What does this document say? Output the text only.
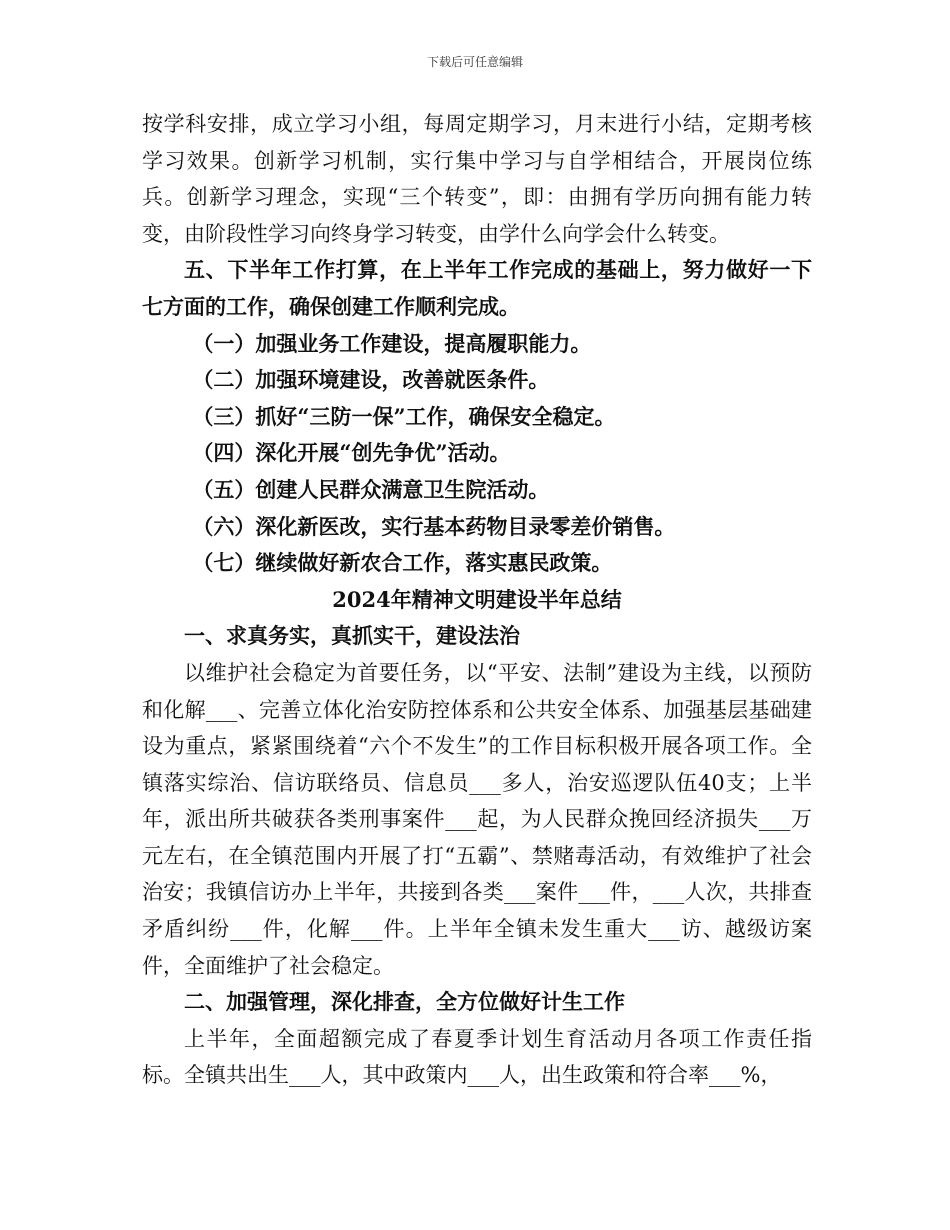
下载后可任意编辑

按学科安排，成立学习小组，每周定期学习，月末进行小结，定期考核学习效果。创新学习机制，实行集中学习与自学相结合，开展岗位练兵。创新学习理念，实现“三个转变”，即：由拥有学历向拥有能力转变，由阶段性学习向终身学习转变，由学什么向学会什么转变。

五、下半年工作打算，在上半年工作完成的基础上，努力做好一下七方面的工作，确保创建工作顺利完成。

（一）加强业务工作建设，提高履职能力。

（二）加强环境建设，改善就医条件。

（三）抓好“三防一保”工作，确保安全稳定。

（四）深化开展“创先争优”活动。

（五）创建人民群众满意卫生院活动。

（六）深化新医改，实行基本药物目录零差价销售。

（七）继续做好新农合工作，落实惠民政策。

2024年精神文明建设半年总结

一、求真务实，真抓实干，建设法治

以维护社会稳定为首要任务，以“平安、法制”建设为主线，以预防和化解___、完善立体化治安防控体系和公共安全体系、加强基层基础建设为重点，紧紧围绕着“六个不发生”的工作目标积极开展各项工作。全镇落实综治、信访联络员、信息员___多人，治安巡逻队伍40支；上半年，派出所共破获各类刑事案件___起，为人民群众挽回经济损失___万元左右，在全镇范围内开展了打“五霸”、禁赌毒活动，有效维护了社会治安；我镇信访办上半年，共接到各类___案件___件，___人次，共排查矛盾纠纷___件，化解___件。上半年全镇未发生重大___访、越级访案件，全面维护了社会稳定。

二、加强管理，深化排查，全方位做好计生工作

上半年，全面超额完成了春夏季计划生育活动月各项工作责任指标。全镇共出生___人，其中政策内___人，出生政策和符合率___%，
